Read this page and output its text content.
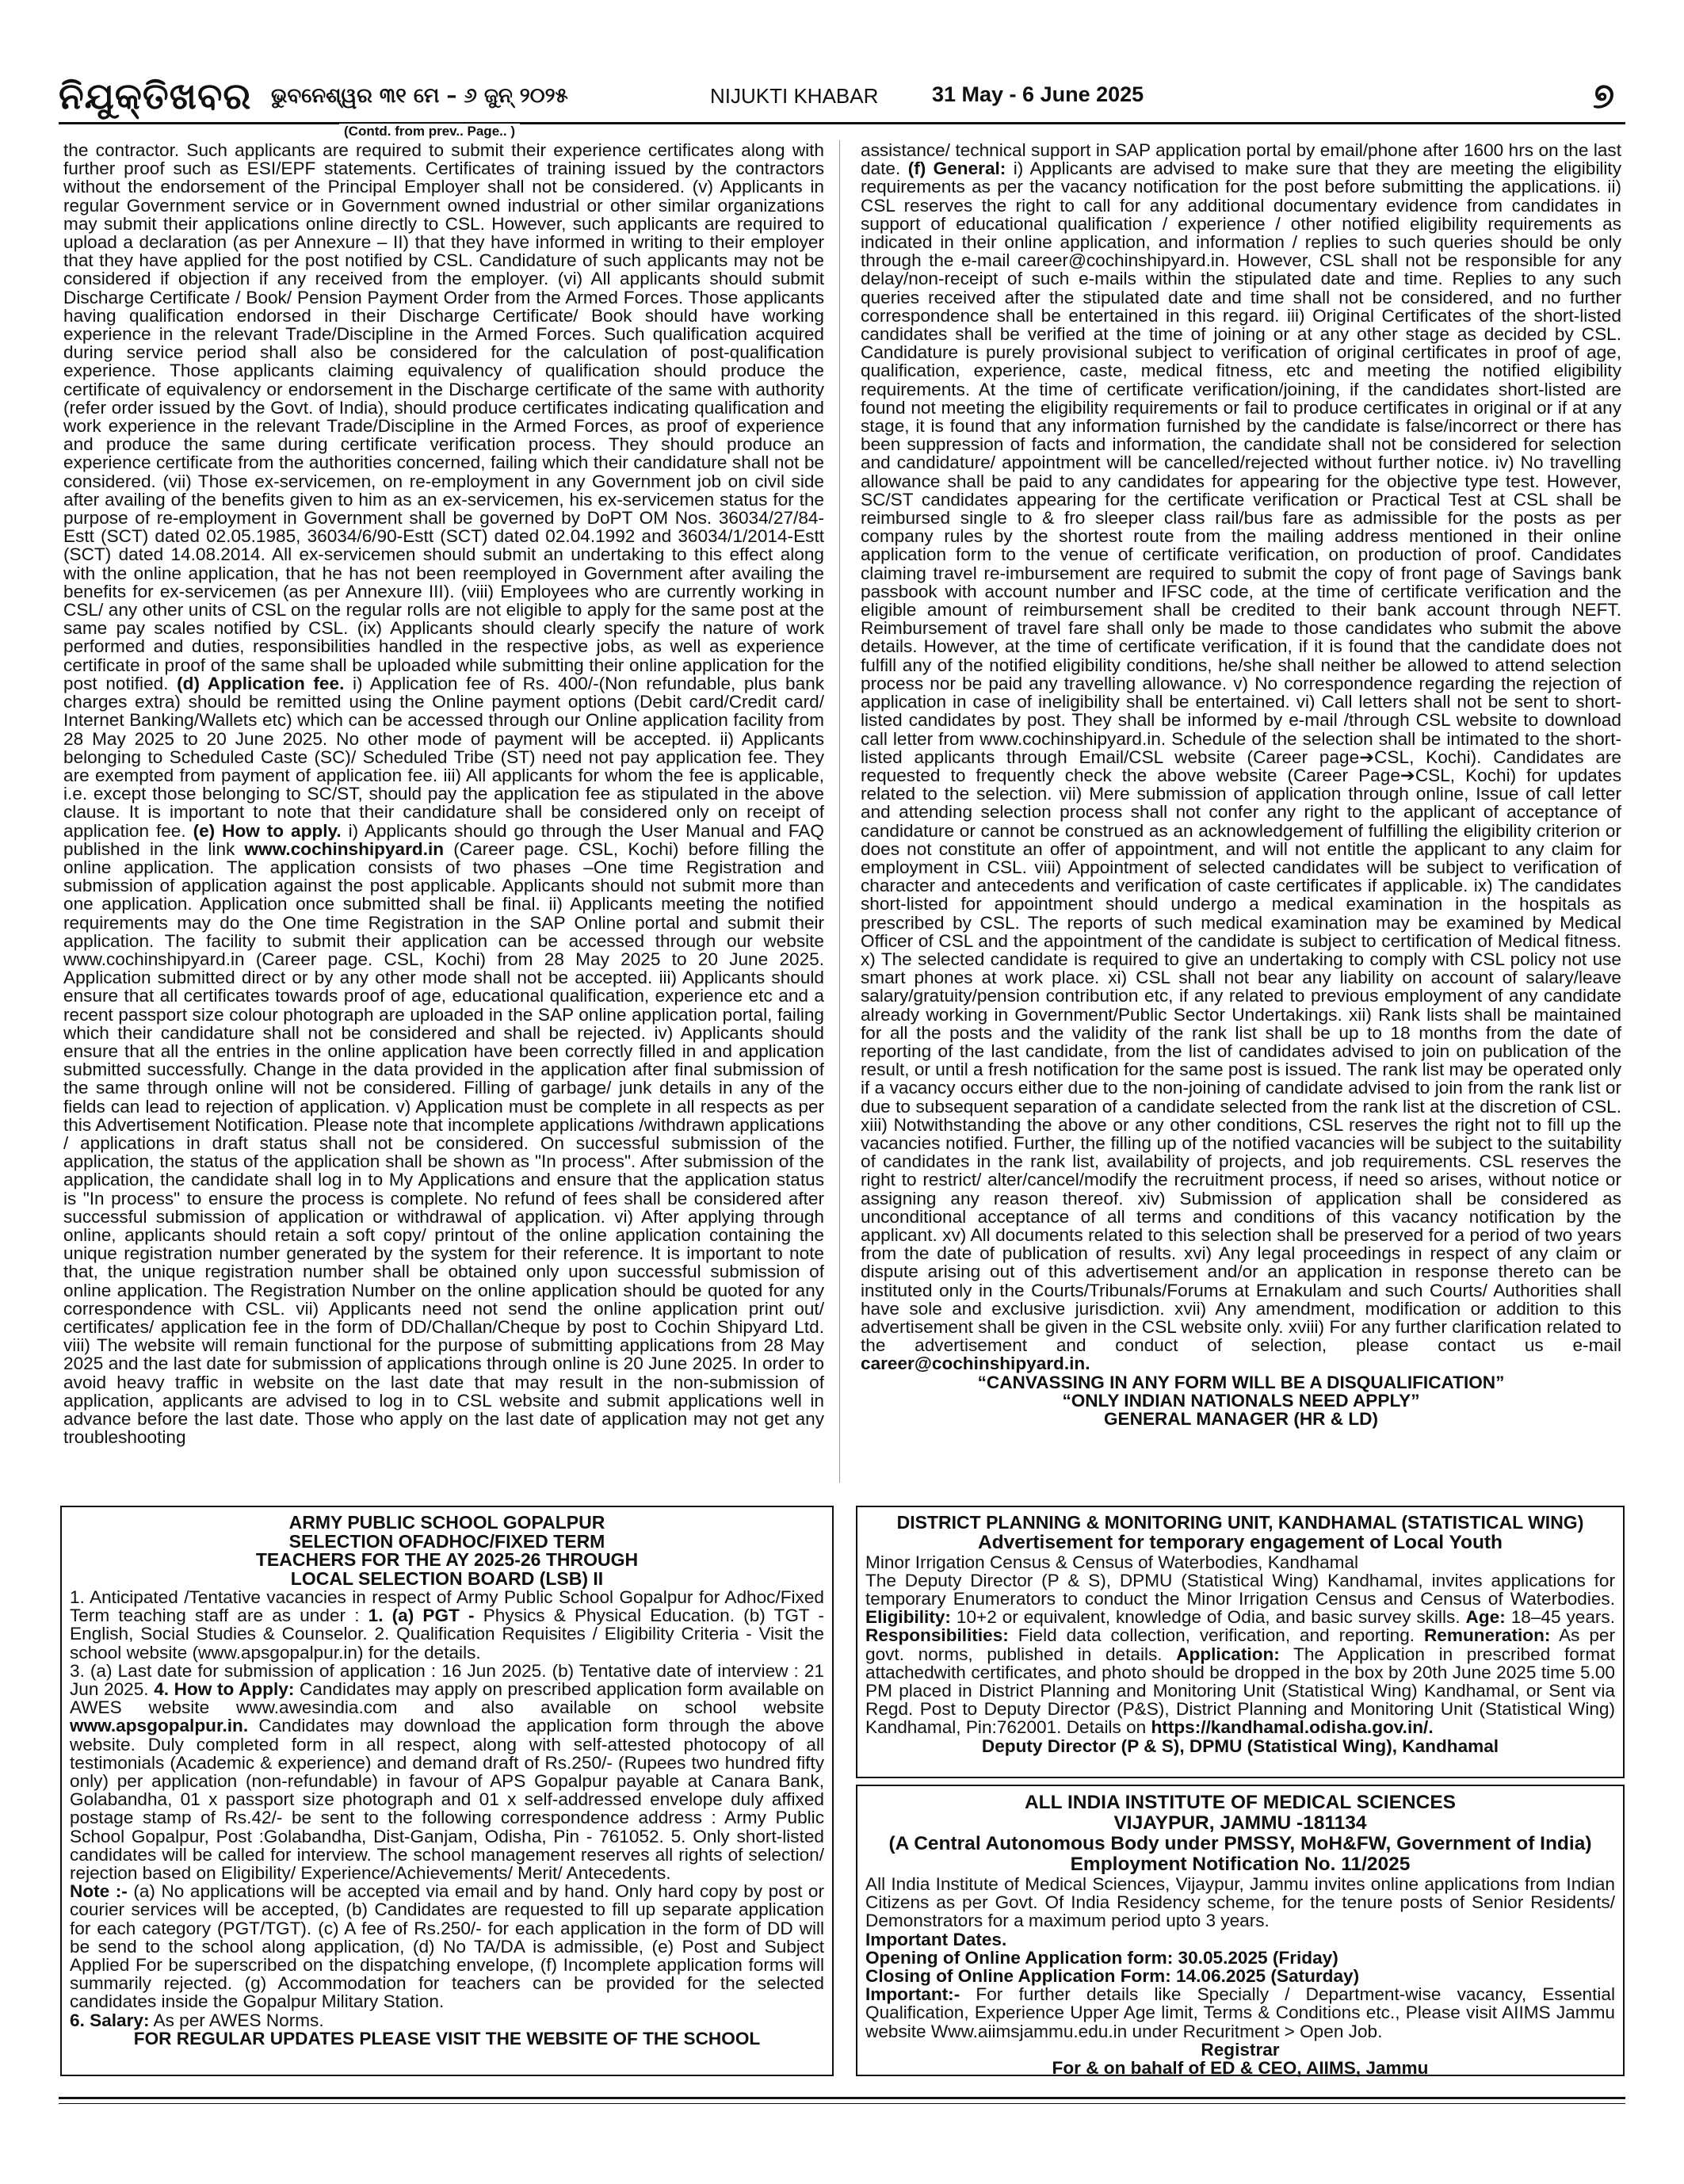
ନିଯୁକ୍ତିଖବର ଭୁବନେଶ୍ୱର ୩୧ ମେ – ୬ ଜୁନ୍ ୨୦୨୫	NIJUKTI KHABAR	31 May - 6 June 2025	୭
(Contd. from prev.. Page.. )

the contractor. Such applicants are required to submit their experience certificates along with further proof such as ESI/EPF statements. Certificates of training issued by the contractors without the endorsement of the Principal Employer shall not be considered. (v) Applicants in regular Government service or in Government owned industrial or other similar organizations may submit their applications online directly to CSL. However, such applicants are required to upload a declaration (as per Annexure – II) that they have informed in writing to their employer that they have applied for the post notified by CSL. Candidature of such applicants may not be considered if objection if any received from the employer. (vi) All applicants should submit Discharge Certificate / Book/ Pension Payment Order from the Armed Forces. Those applicants having qualification endorsed in their Discharge Certificate/ Book should have working experience in the relevant Trade/Discipline in the Armed Forces. Such qualification acquired during service period shall also be considered for the calculation of post-qualification experience. Those applicants claiming equivalency of qualification should produce the certificate of equivalency or endorsement in the Discharge certificate of the same with authority (refer order issued by the Govt. of India), should produce certificates indicating qualification and work experience in the relevant Trade/Discipline in the Armed Forces, as proof of experience and produce the same during certificate verification process. They should produce an experience certificate from the authorities concerned, failing which their candidature shall not be considered. (vii) Those ex-servicemen, on re-employment in any Government job on civil side after availing of the benefits given to him as an ex-servicemen, his ex-servicemen status for the purpose of re-employment in Government shall be governed by DoPT OM Nos. 36034/27/84- Estt (SCT) dated 02.05.1985, 36034/6/90-Estt (SCT) dated 02.04.1992 and 36034/1/2014-Estt (SCT) dated 14.08.2014. All ex-servicemen should submit an undertaking to this effect along with the online application, that he has not been reemployed in Government after availing the benefits for ex-servicemen (as per Annexure III). (viii) Employees who are currently working in CSL/ any other units of CSL on the regular rolls are not eligible to apply for the same post at the same pay scales notified by CSL. (ix) Applicants should clearly specify the nature of work performed and duties, responsibilities handled in the respective jobs, as well as experience certificate in proof of the same shall be uploaded while submitting their online application for the post notified. (d) Application fee. i) Application fee of Rs. 400/-(Non refundable, plus bank charges extra) should be remitted using the Online payment options (Debit card/Credit card/ Internet Banking/Wallets etc) which can be accessed through our Online application facility from 28 May 2025 to 20 June 2025. No other mode of payment will be accepted. ii) Applicants belonging to Scheduled Caste (SC)/ Scheduled Tribe (ST) need not pay application fee. They are exempted from payment of application fee. iii) All applicants for whom the fee is applicable, i.e. except those belonging to SC/ST, should pay the application fee as stipulated in the above clause. It is important to note that their candidature shall be considered only on receipt of application fee. (e) How to apply. i) Applicants should go through the User Manual and FAQ published in the link www.cochinshipyard.in (Career page. CSL, Kochi) before filling the online application. The application consists of two phases –One time Registration and submission of application against the post applicable. Applicants should not submit more than one application. Application once submitted shall be final. ii) Applicants meeting the notified requirements may do the One time Registration in the SAP Online portal and submit their application. The facility to submit their application can be accessed through our website www.cochinshipyard.in (Career page. CSL, Kochi) from 28 May 2025 to 20 June 2025. Application submitted direct or by any other mode shall not be accepted. iii) Applicants should ensure that all certificates towards proof of age, educational qualification, experience etc and a recent passport size colour photograph are uploaded in the SAP online application portal, failing which their candidature shall not be considered and shall be rejected. iv) Applicants should ensure that all the entries in the online application have been correctly filled in and application submitted successfully. Change in the data provided in the application after final submission of the same through online will not be considered. Filling of garbage/ junk details in any of the fields can lead to rejection of application. v) Application must be complete in all respects as per this Advertisement Notification. Please note that incomplete applications /withdrawn applications / applications in draft status shall not be considered. On successful submission of the application, the status of the application shall be shown as "In process". After submission of the application, the candidate shall log in to My Applications and ensure that the application status is "In process" to ensure the process is complete. No refund of fees shall be considered after successful submission of application or withdrawal of application. vi) After applying through online, applicants should retain a soft copy/ printout of the online application containing the unique registration number generated by the system for their reference. It is important to note that, the unique registration number shall be obtained only upon successful submission of online application. The Registration Number on the online application should be quoted for any correspondence with CSL. vii) Applicants need not send the online application print out/ certificates/ application fee in the form of DD/Challan/Cheque by post to Cochin Shipyard Ltd. viii) The website will remain functional for the purpose of submitting applications from 28 May 2025 and the last date for submission of applications through online is 20 June 2025. In order to avoid heavy traffic in website on the last date that may result in the non-submission of application, applicants are advised to log in to CSL website and submit applications well in advance before the last date. Those who apply on the last date of application may not get any troubleshooting

assistance/ technical support in SAP application portal by email/phone after 1600 hrs on the last date. (f) General: i) Applicants are advised to make sure that they are meeting the eligibility requirements as per the vacancy notification for the post before submitting the applications. ii) CSL reserves the right to call for any additional documentary evidence from candidates in support of educational qualification / experience / other notified eligibility requirements as indicated in their online application, and information / replies to such queries should be only through the e-mail career@cochinshipyard.in. However, CSL shall not be responsible for any delay/non-receipt of such e-mails within the stipulated date and time. Replies to any such queries received after the stipulated date and time shall not be considered, and no further correspondence shall be entertained in this regard. iii) Original Certificates of the short-listed candidates shall be verified at the time of joining or at any other stage as decided by CSL. Candidature is purely provisional subject to verification of original certificates in proof of age, qualification, experience, caste, medical fitness, etc and meeting the notified eligibility requirements. At the time of certificate verification/joining, if the candidates short-listed are found not meeting the eligibility requirements or fail to produce certificates in original or if at any stage, it is found that any information furnished by the candidate is false/incorrect or there has been suppression of facts and information, the candidate shall not be considered for selection and candidature/ appointment will be cancelled/rejected without further notice. iv) No travelling allowance shall be paid to any candidates for appearing for the objective type test. However, SC/ST candidates appearing for the certificate verification or Practical Test at CSL shall be reimbursed single to & fro sleeper class rail/bus fare as admissible for the posts as per company rules by the shortest route from the mailing address mentioned in their online application form to the venue of certificate verification, on production of proof. Candidates claiming travel re-imbursement are required to submit the copy of front page of Savings bank passbook with account number and IFSC code, at the time of certificate verification and the eligible amount of reimbursement shall be credited to their bank account through NEFT. Reimbursement of travel fare shall only be made to those candidates who submit the above details. However, at the time of certificate verification, if it is found that the candidate does not fulfill any of the notified eligibility conditions, he/she shall neither be allowed to attend selection process nor be paid any travelling allowance. v) No correspondence regarding the rejection of application in case of ineligibility shall be entertained. vi) Call letters shall not be sent to short-listed candidates by post. They shall be informed by e-mail /through CSL website to download call letter from www.cochinshipyard.in. Schedule of the selection shall be intimated to the short-listed applicants through Email/CSL website (Career page➔CSL, Kochi). Candidates are requested to frequently check the above website (Career Page➔CSL, Kochi) for updates related to the selection. vii) Mere submission of application through online, Issue of call letter and attending selection process shall not confer any right to the applicant of acceptance of candidature or cannot be construed as an acknowledgement of fulfilling the eligibility criterion or does not constitute an offer of appointment, and will not entitle the applicant to any claim for employment in CSL. viii) Appointment of selected candidates will be subject to verification of character and antecedents and verification of caste certificates if applicable. ix) The candidates short-listed for appointment should undergo a medical examination in the hospitals as prescribed by CSL. The reports of such medical examination may be examined by Medical Officer of CSL and the appointment of the candidate is subject to certification of Medical fitness. x) The selected candidate is required to give an undertaking to comply with CSL policy not use smart phones at work place. xi) CSL shall not bear any liability on account of salary/leave salary/gratuity/pension contribution etc, if any related to previous employment of any candidate already working in Government/Public Sector Undertakings. xii) Rank lists shall be maintained for all the posts and the validity of the rank list shall be up to 18 months from the date of reporting of the last candidate, from the list of candidates advised to join on publication of the result, or until a fresh notification for the same post is issued. The rank list may be operated only if a vacancy occurs either due to the non-joining of candidate advised to join from the rank list or due to subsequent separation of a candidate selected from the rank list at the discretion of CSL. xiii) Notwithstanding the above or any other conditions, CSL reserves the right not to fill up the vacancies notified. Further, the filling up of the notified vacancies will be subject to the suitability of candidates in the rank list, availability of projects, and job requirements. CSL reserves the right to restrict/ alter/cancel/modify the recruitment process, if need so arises, without notice or assigning any reason thereof. xiv) Submission of application shall be considered as unconditional acceptance of all terms and conditions of this vacancy notification by the applicant. xv) All documents related to this selection shall be preserved for a period of two years from the date of publication of results. xvi) Any legal proceedings in respect of any claim or dispute arising out of this advertisement and/or an application in response thereto can be instituted only in the Courts/Tribunals/Forums at Ernakulam and such Courts/ Authorities shall have sole and exclusive jurisdiction. xvii) Any amendment, modification or addition to this advertisement shall be given in the CSL website only. xviii) For any further clarification related to the advertisement and conduct of selection, please contact us e-mail career@cochinshipyard.in.

“CANVASSING IN ANY FORM WILL BE A DISQUALIFICATION”
“ONLY INDIAN NATIONALS NEED APPLY”
GENERAL MANAGER (HR & LD)
ARMY PUBLIC SCHOOL GOPALPUR
SELECTION OFADHOC/FIXED TERM
TEACHERS FOR THE AY 2025-26 THROUGH
LOCAL SELECTION BOARD (LSB) II

1. Anticipated /Tentative vacancies in respect of Army Public School Gopalpur for Adhoc/Fixed Term teaching staff are as under : 1. (a) PGT - Physics & Physical Education. (b) TGT - English, Social Studies & Counselor. 2. Qualification Requisites / Eligibility Criteria - Visit the school website (www.apsgopalpur.in) for the details.

3. (a) Last date for submission of application : 16 Jun 2025. (b) Tentative date of interview : 21 Jun 2025. 4. How to Apply: Candidates may apply on prescribed application form available on AWES website www.awesindia.com and also available on school website www.apsgopalpur.in. Candidates may download the application form through the above website. Duly completed form in all respect, along with self-attested photocopy of all testimonials (Academic & experience) and demand draft of Rs.250/- (Rupees two hundred fifty only) per application (non-refundable) in favour of APS Gopalpur payable at Canara Bank, Golabandha, 01 x passport size photograph and 01 x self-addressed envelope duly affixed postage stamp of Rs.42/- be sent to the following correspondence address : Army Public School Gopalpur, Post :Golabandha, Dist-Ganjam, Odisha, Pin - 761052. 5. Only short-listed candidates will be called for interview. The school management reserves all rights of selection/ rejection based on Eligibility/ Experience/Achievements/ Merit/ Antecedents.

Note :- (a) No applications will be accepted via email and by hand. Only hard copy by post or courier services will be accepted, (b) Candidates are requested to fill up separate application for each category (PGT/TGT). (c) A fee of Rs.250/- for each application in the form of DD will be send to the school along application, (d) No TA/DA is admissible, (e) Post and Subject Applied For be superscribed on the dispatching envelope, (f) Incomplete application forms will summarily rejected. (g) Accommodation for teachers can be provided for the selected candidates inside the Gopalpur Military Station.

6. Salary: As per AWES Norms.

FOR REGULAR UPDATES PLEASE VISIT THE WEBSITE OF THE SCHOOL
DISTRICT PLANNING & MONITORING UNIT, KANDHAMAL (STATISTICAL WING)
Advertisement for temporary engagement of Local Youth

Minor Irrigation Census & Census of Waterbodies, Kandhamal

The Deputy Director (P & S), DPMU (Statistical Wing) Kandhamal, invites applications for temporary Enumerators to conduct the Minor Irrigation Census and Census of Waterbodies. Eligibility: 10+2 or equivalent, knowledge of Odia, and basic survey skills. Age: 18–45 years. Responsibilities: Field data collection, verification, and reporting. Remuneration: As per govt. norms, published in details. Application: The Application in prescribed format attachedwith certificates, and photo should be dropped in the box by 20th June 2025 time 5.00 PM placed in District Planning and Monitoring Unit (Statistical Wing) Kandhamal, or Sent via Regd. Post to Deputy Director (P&S), District Planning and Monitoring Unit (Statistical Wing) Kandhamal, Pin:762001. Details on https://kandhamal.odisha.gov.in/.

Deputy Director (P & S), DPMU (Statistical Wing), Kandhamal
ALL INDIA INSTITUTE OF MEDICAL SCIENCES
VIJAYPUR, JAMMU -181134
(A Central Autonomous Body under PMSSY, MoH&FW, Government of India)
Employment Notification No. 11/2025

All India Institute of Medical Sciences, Vijaypur, Jammu invites online applications from Indian Citizens as per Govt. Of India Residency scheme, for the tenure posts of Senior Residents/ Demonstrators for a maximum period upto 3 years.

Important Dates.

Opening of Online Application form: 30.05.2025 (Friday)

Closing of Online Application Form: 14.06.2025 (Saturday)

Important:- For further details like Specially / Department-wise vacancy, Essential Qualification, Experience Upper Age limit, Terms & Conditions etc., Please visit AIIMS Jammu website Www.aiimsjammu.edu.in under Recuritment > Open Job.

Registrar
For & on bahalf of ED & CEO, AIIMS, Jammu
